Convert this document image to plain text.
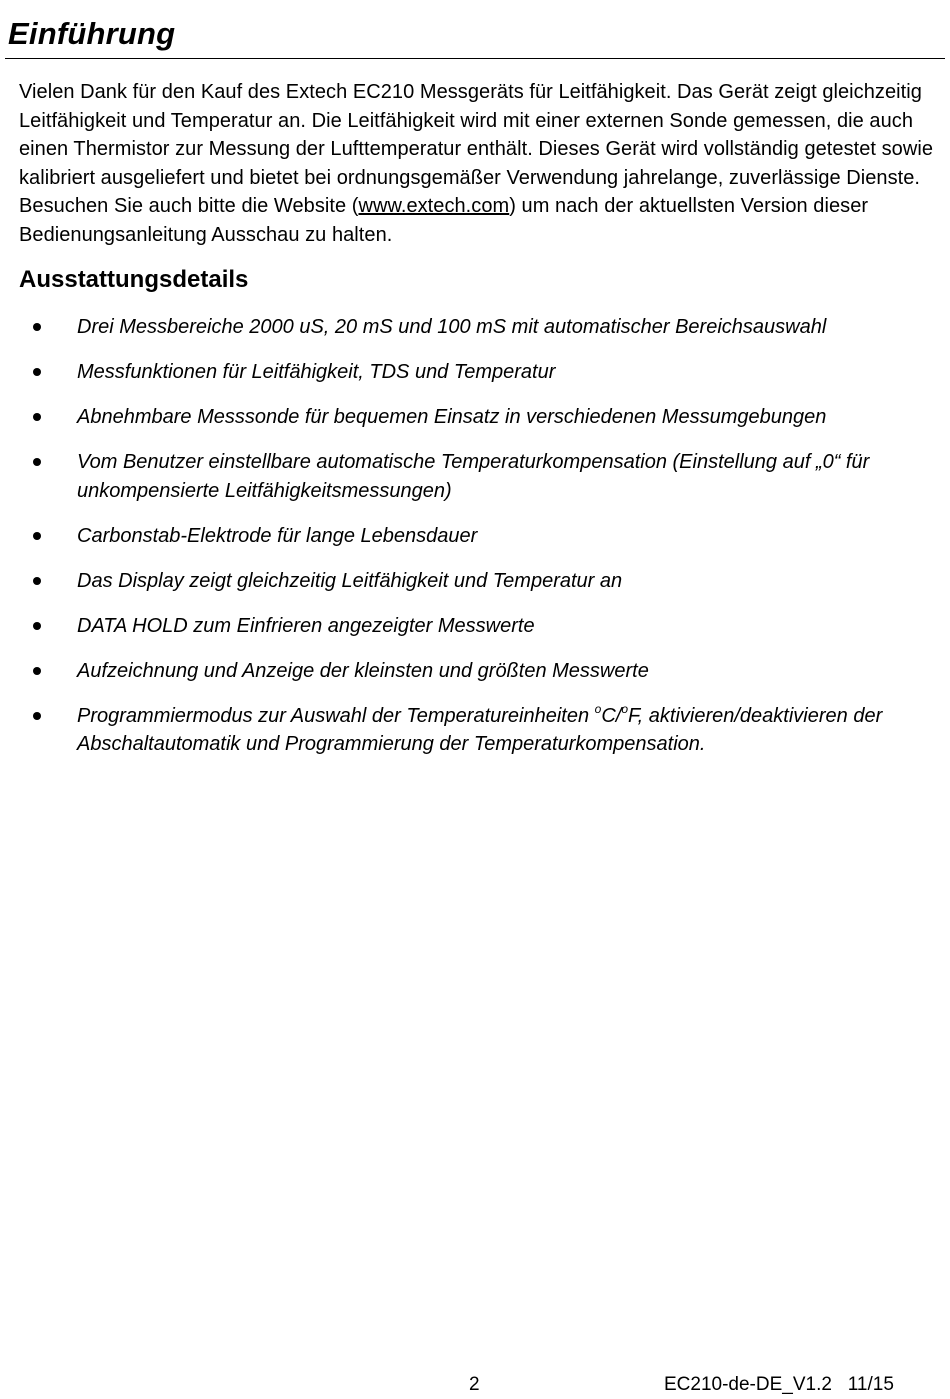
Einführung

Vielen Dank für den Kauf des Extech EC210 Messgeräts für Leitfähigkeit. Das Gerät zeigt gleichzeitig Leitfähigkeit und Temperatur an. Die Leitfähigkeit wird mit einer externen Sonde gemessen, die auch einen Thermistor zur Messung der Lufttemperatur enthält. Dieses Gerät wird vollständig getestet sowie kalibriert ausgeliefert und bietet bei ordnungsgemäßer Verwendung jahrelange, zuverlässige Dienste. Besuchen Sie auch bitte die Website (www.extech.com) um nach der aktuellsten Version dieser Bedienungsanleitung Ausschau zu halten.

Ausstattungsdetails
Drei Messbereiche 2000 uS, 20 mS und 100 mS mit automatischer Bereichsauswahl
Messfunktionen für Leitfähigkeit, TDS und Temperatur
Abnehmbare Messsonde für bequemen Einsatz in verschiedenen Messumgebungen
Vom Benutzer einstellbare automatische Temperaturkompensation (Einstellung auf „0“ für unkompensierte Leitfähigkeitsmessungen)
Carbonstab-Elektrode für lange Lebensdauer
Das Display zeigt gleichzeitig Leitfähigkeit und Temperatur an
DATA HOLD zum Einfrieren angezeigter Messwerte
Aufzeichnung und Anzeige der kleinsten und größten Messwerte
Programmiermodus zur Auswahl der Temperatureinheiten $^o$C/$^o$F, aktivieren/deaktivieren der Abschaltautomatik und Programmierung der Temperaturkompensation.
2	EC210-de-DE_V1.2   11/15
